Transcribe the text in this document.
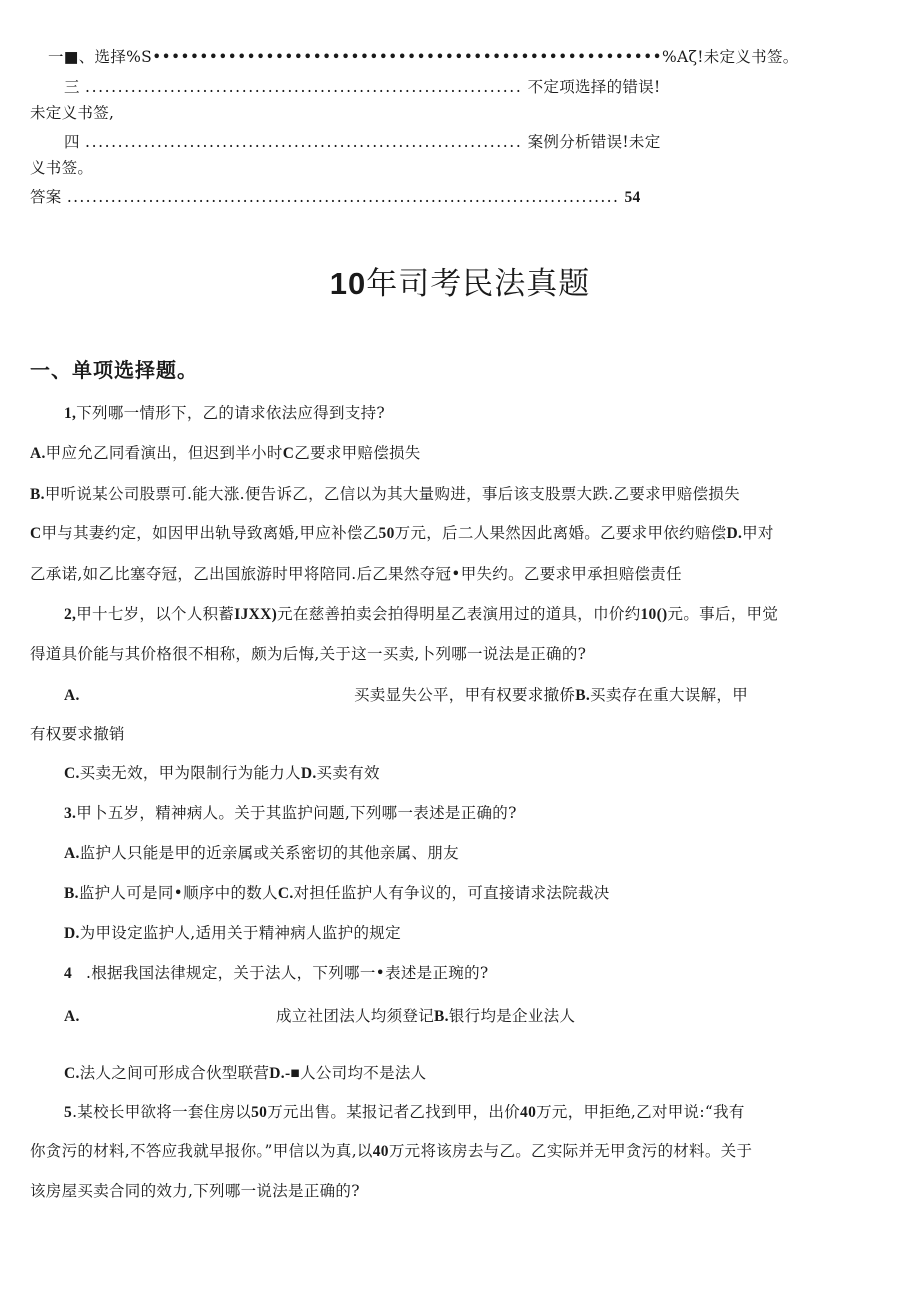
一■、选择%S••••••••••••••••••••••••••••••••••••••••••••••••••••••%Aζ!未定义书签。
三 ................................................................... 不定项选择的错误!
未定义书签,
四 ................................................................... 案例分析错误!未定
义书签。
答案 ........................................................................................ 54
10年司考民法真题
一、单项选择题。
1,下列哪一情形下，乙的请求依法应得到支持?
A.甲应允乙同看演出，但迟到半小时C乙要求甲赔偿损失
B.甲听说某公司股票可.能大涨.便告诉乙，乙信以为其大量购进，事后该支股票大跌.乙要求甲赔偿损失
C甲与其妻约定，如因甲出轨导致离婚,甲应补偿乙50万元，后二人果然因此离婚。乙要求甲依约赔偿D.甲对
乙承诺,如乙比塞夺冠，乙出国旅游时甲将陪同.后乙果然夺冠•甲失约。乙要求甲承担赔偿责任
2,甲十七岁，以个人积蓄IJXX)元在慈善拍卖会拍得明星乙表演用过的道具，巾价约10()元。事后，甲觉
得道具价能与其价格很不相称，颇为后悔,关于这一买卖,卜列哪一说法是正确的?
A.	买卖显失公平，甲有权要求撤侨B.买卖存在重大误解，甲
有权要求撤销
C.买卖无效，甲为限制行为能力人D.买卖有效
3.甲卜五岁，精神病人。关于其监护问题,下列哪一表述是正确的?
A.监护人只能是甲的近亲属或关系密切的其他亲属、朋友
B.监护人可是同•顺序中的数人C.对担任监护人有争议的，可直接请求法院裁决
D.为甲设定监护人,适用关于精神病人监护的规定
4 .根据我国法律规定，关于法人，下列哪一•表述是正琬的?
A.	成立社团法人均须登记B.银行均是企业法人
C.法人之间可形成合伙型联营D.-■人公司均不是法人
5.某校长甲欲将一套住房以50万元出售。某报记者乙找到甲，出价40万元，甲拒绝,乙对甲说:“我有
你贪污的材料,不答应我就早报你。”甲信以为真,以40万元将该房去与乙。乙实际并无甲贪污的材料。关于
该房屋买卖合同的效力,下列哪一说法是正确的?
